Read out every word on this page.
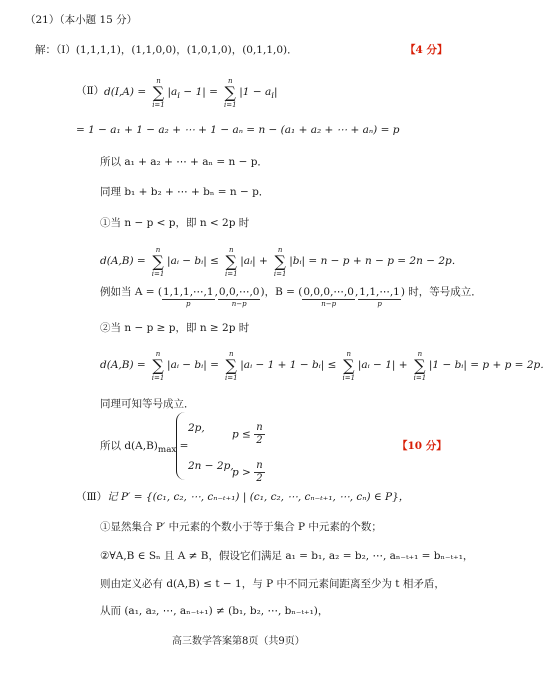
（21）（本小题 15 分）
解：（Ⅰ）(1,1,1,1)，(1,1,0,0)，(1,0,1,0)，(0,1,1,0)．	【4 分】
（Ⅱ） d(I,A) =
n
∑
i=1
$|a_i - 1|$ =
n
∑
i=1
$|1 - a_i|$
= 1 − a₁ + 1 − a₂ + ⋯ + 1 − aₙ = n − (a₁ + a₂ + ⋯ + aₙ) = p
所以 a₁ + a₂ + ⋯ + aₙ = n − p．
同理 b₁ + b₂ + ⋯ + bₙ = n − p．
①当 n − p < p，即 n < 2p 时
d(A,B) =
n
∑
i=1
|aᵢ − bᵢ| ≤
n
∑
i=1
|aᵢ| +
n
∑
i=1
|bᵢ| = n − p + n − p = 2n − 2p．
例如当 A = (1,1,1,⋯,1
p
,0,0,⋯,0
n−p
)，B = (0,0,0,⋯,0
n−p
,1,1,⋯,1
p
) 时，等号成立．
②当 n − p ≥ p，即 n ≥ 2p 时
d(A,B) =
n
∑
i=1
|aᵢ − bᵢ| =
n
∑
i=1
|aᵢ − 1 + 1 − bᵢ| ≤
n
∑
i=1
|aᵢ − 1| +
n
∑
i=1
|1 − bᵢ| = p + p = 2p．
同理可知等号成立．
所以 $d(A,B)_{max}$ =
2p,
$p \le \frac{n}{2}$
2n − 2p,
$p > \frac{n}{2}$
【10 分】
（Ⅲ）记 P′ = {(c₁, c₂, ⋯, cₙ₋ₜ₊₁) | (c₁, c₂, ⋯, cₙ₋ₜ₊₁, ⋯, cₙ) ∈ P}，
①显然集合 P′ 中元素的个数小于等于集合 P 中元素的个数；
②∀A,B ∈ Sₙ 且 A ≠ B，假设它们满足 a₁ = b₁, a₂ = b₂, ⋯, aₙ₋ₜ₊₁ = bₙ₋ₜ₊₁，
则由定义必有 d(A,B) ≤ t − 1，与 P 中不同元素间距离至少为 t 相矛盾，
从而 (a₁, a₂, ⋯, aₙ₋ₜ₊₁) ≠ (b₁, b₂, ⋯, bₙ₋ₜ₊₁)，
高三数学答案第8页（共9页）
